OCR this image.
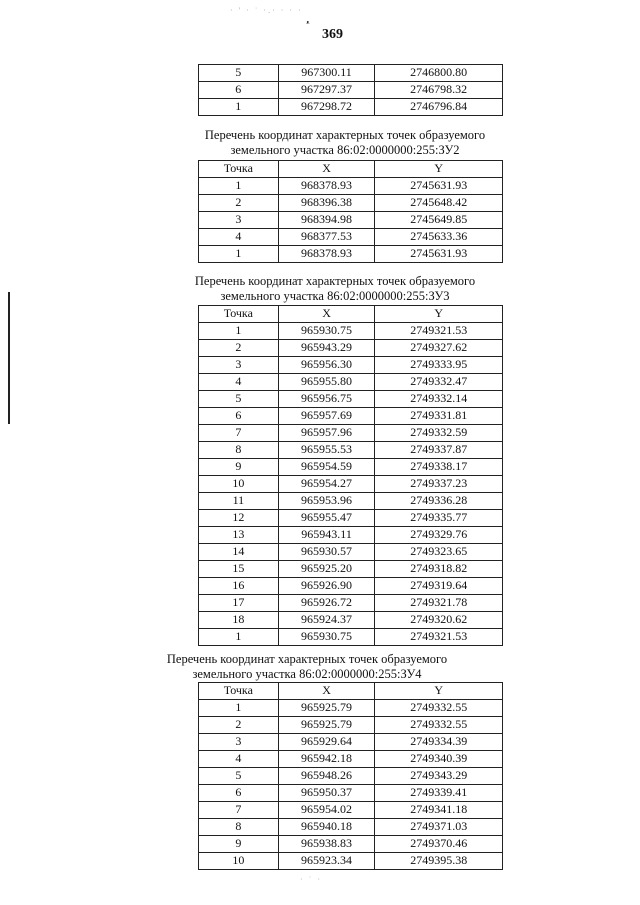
· ' · ˙ ·.· · · ·
ᵜ
369
5	967300.11	2746800.80
6	967297.37	2746798.32
1	967298.72	2746796.84
Перечень координат характерных точек образуемого
земельного участка 86:02:0000000:255:ЗУ2
Точка	X	Y
1	968378.93	2745631.93
2	968396.38	2745648.42
3	968394.98	2745649.85
4	968377.53	2745633.36
1	968378.93	2745631.93
Перечень координат характерных точек образуемого
земельного участка 86:02:0000000:255:ЗУ3
Точка	X	Y
1	965930.75	2749321.53
2	965943.29	2749327.62
3	965956.30	2749333.95
4	965955.80	2749332.47
5	965956.75	2749332.14
6	965957.69	2749331.81
7	965957.96	2749332.59
8	965955.53	2749337.87
9	965954.59	2749338.17
10	965954.27	2749337.23
11	965953.96	2749336.28
12	965955.47	2749335.77
13	965943.11	2749329.76
14	965930.57	2749323.65
15	965925.20	2749318.82
16	965926.90	2749319.64
17	965926.72	2749321.78
18	965924.37	2749320.62
1	965930.75	2749321.53
Перечень координат характерных точек образуемого
земельного участка 86:02:0000000:255:ЗУ4
Точка	X	Y
1	965925.79	2749332.55
2	965925.79	2749332.55
3	965929.64	2749334.39
4	965942.18	2749340.39
5	965948.26	2749343.29
6	965950.37	2749339.41
7	965954.02	2749341.18
8	965940.18	2749371.03
9	965938.83	2749370.46
10	965923.34	2749395.38
· ˙ ·
